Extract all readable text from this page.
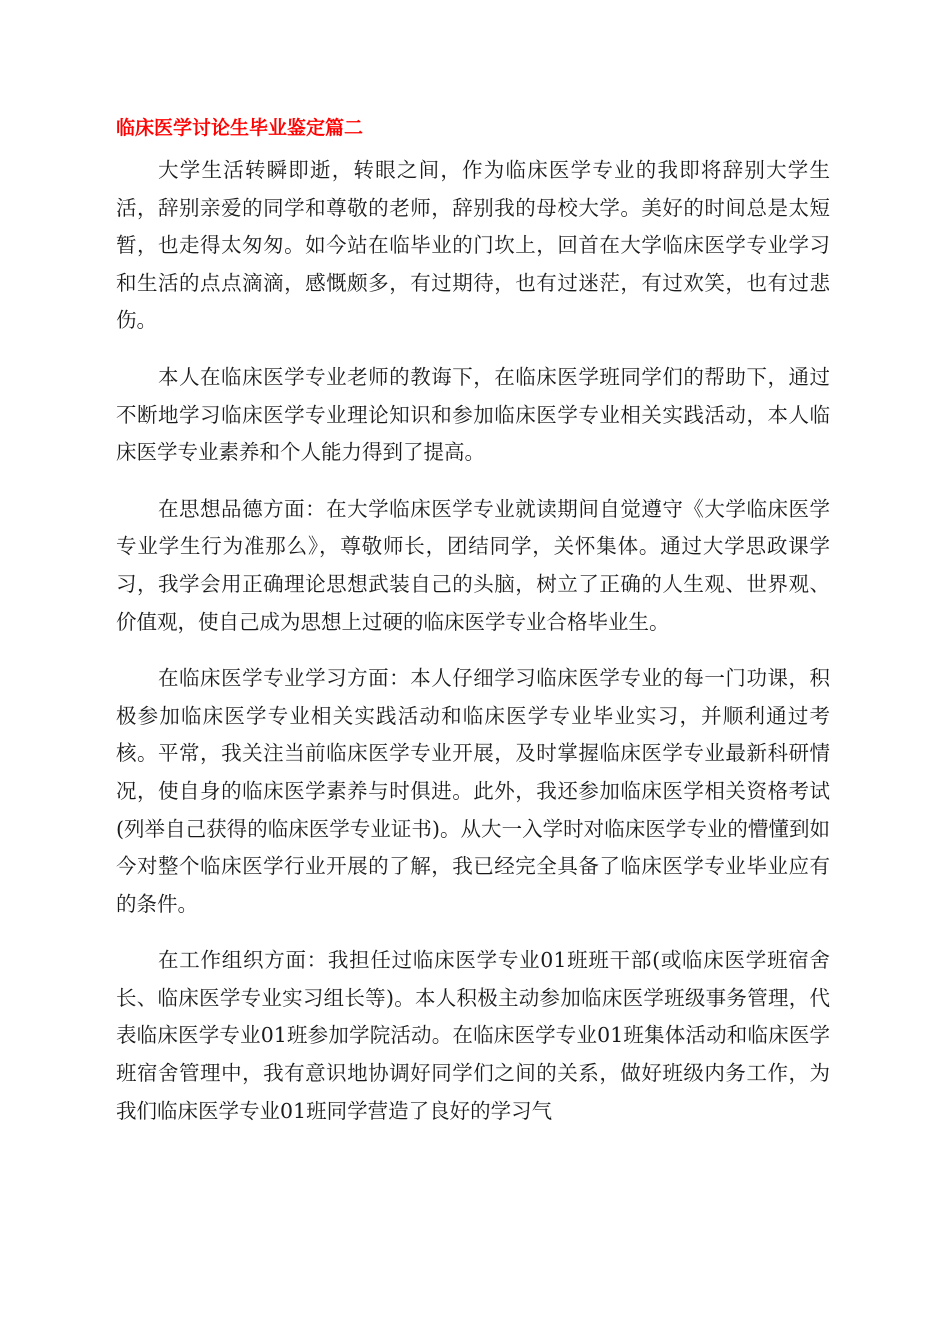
临床医学讨论生毕业鉴定篇二

大学生活转瞬即逝，转眼之间，作为临床医学专业的我即将辞别大学生活，辞别亲爱的同学和尊敬的老师，辞别我的母校大学。美好的时间总是太短暂，也走得太匆匆。如今站在临毕业的门坎上，回首在大学临床医学专业学习和生活的点点滴滴，感慨颇多，有过期待，也有过迷茫，有过欢笑，也有过悲伤。

本人在临床医学专业老师的教诲下，在临床医学班同学们的帮助下，通过不断地学习临床医学专业理论知识和参加临床医学专业相关实践活动，本人临床医学专业素养和个人能力得到了提高。

在思想品德方面：在大学临床医学专业就读期间自觉遵守《大学临床医学专业学生行为准那么》，尊敬师长，团结同学，关怀集体。通过大学思政课学习，我学会用正确理论思想武装自己的头脑，树立了正确的人生观、世界观、价值观，使自己成为思想上过硬的临床医学专业合格毕业生。

在临床医学专业学习方面：本人仔细学习临床医学专业的每一门功课，积极参加临床医学专业相关实践活动和临床医学专业毕业实习，并顺利通过考核。平常，我关注当前临床医学专业开展，及时掌握临床医学专业最新科研情况，使自身的临床医学素养与时俱进。此外，我还参加临床医学相关资格考试(列举自己获得的临床医学专业证书)。从大一入学时对临床医学专业的懵懂到如今对整个临床医学行业开展的了解，我已经完全具备了临床医学专业毕业应有的条件。

在工作组织方面：我担任过临床医学专业01班班干部(或临床医学班宿舍长、临床医学专业实习组长等)。本人积极主动参加临床医学班级事务管理，代表临床医学专业01班参加学院活动。在临床医学专业01班集体活动和临床医学班宿舍管理中，我有意识地协调好同学们之间的关系，做好班级内务工作，为我们临床医学专业01班同学营造了良好的学习气
